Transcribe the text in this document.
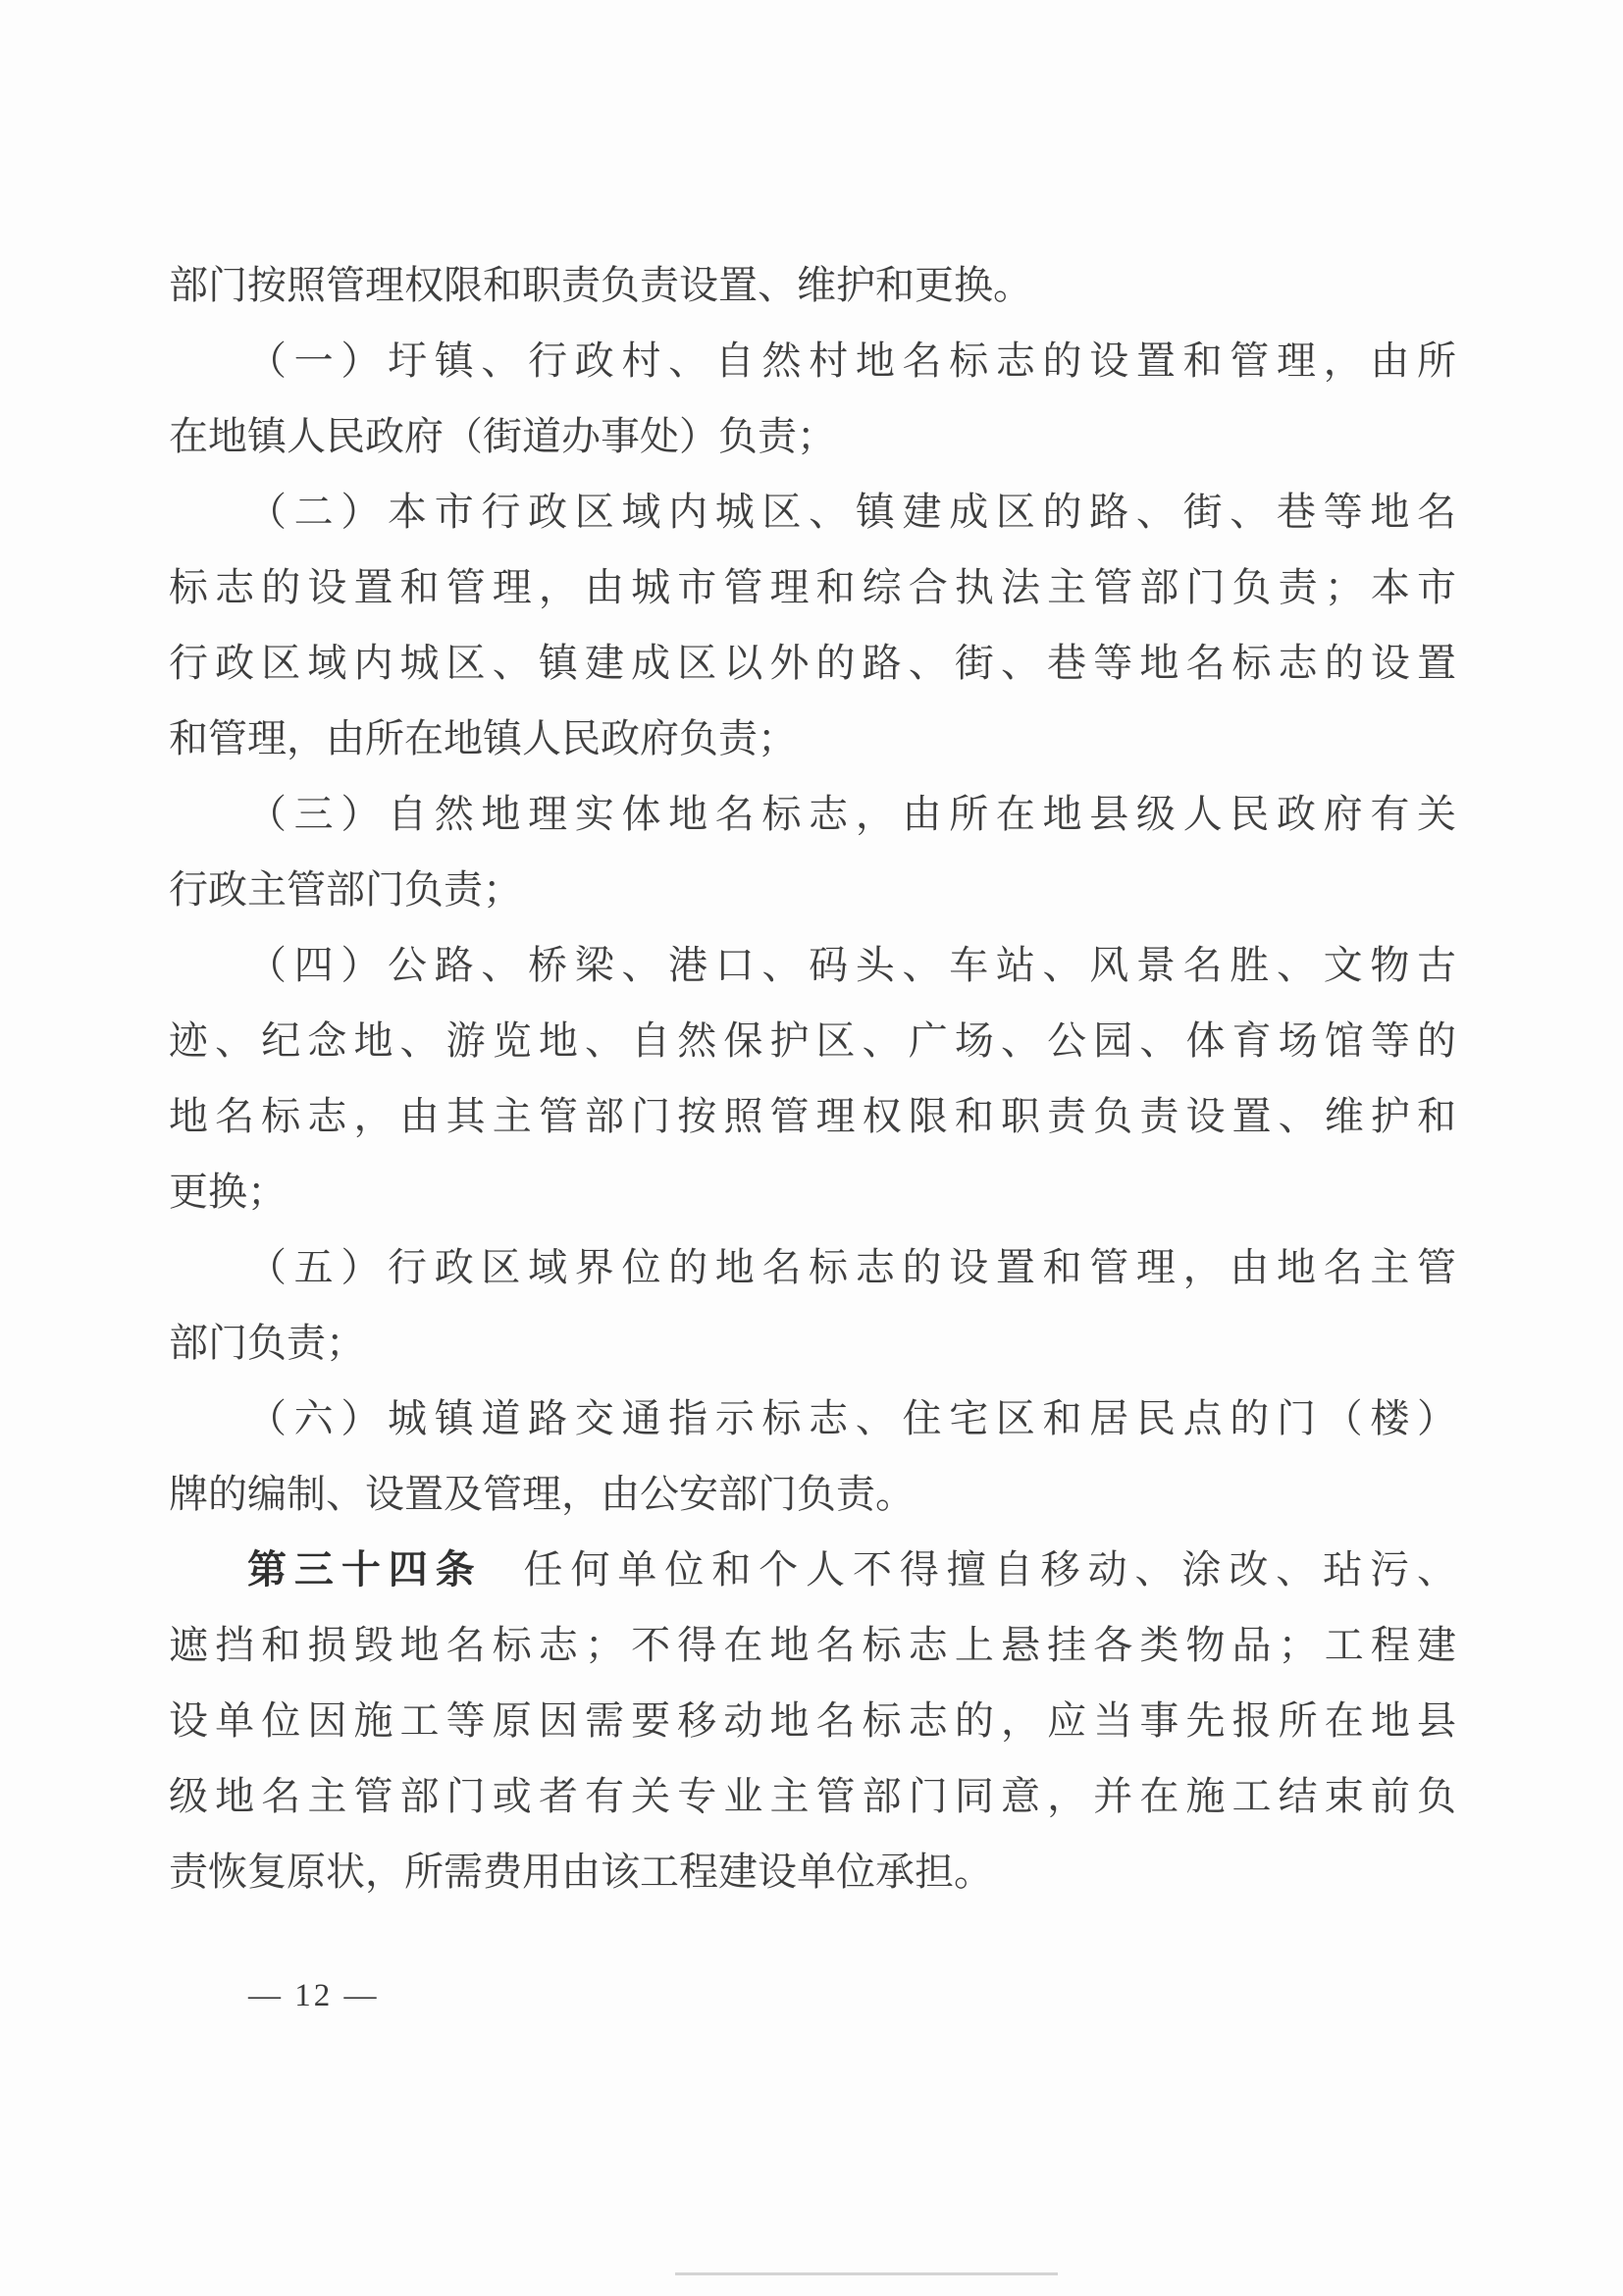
部门按照管理权限和职责负责设置、维护和更换。
（一）圩镇、行政村、自然村地名标志的设置和管理，由所
在地镇人民政府（街道办事处）负责；
（二）本市行政区域内城区、镇建成区的路、街、巷等地名
标志的设置和管理，由城市管理和综合执法主管部门负责；本市
行政区域内城区、镇建成区以外的路、街、巷等地名标志的设置
和管理，由所在地镇人民政府负责；
（三）自然地理实体地名标志，由所在地县级人民政府有关
行政主管部门负责；
（四）公路、桥梁、港口、码头、车站、风景名胜、文物古
迹、纪念地、游览地、自然保护区、广场、公园、体育场馆等的
地名标志，由其主管部门按照管理权限和职责负责设置、维护和
更换；
（五）行政区域界位的地名标志的设置和管理，由地名主管
部门负责；
（六）城镇道路交通指示标志、住宅区和居民点的门（楼）
牌的编制、设置及管理，由公安部门负责。
第三十四条 任何单位和个人不得擅自移动、涂改、玷污、
遮挡和损毁地名标志；不得在地名标志上悬挂各类物品；工程建
设单位因施工等原因需要移动地名标志的，应当事先报所在地县
级地名主管部门或者有关专业主管部门同意，并在施工结束前负
责恢复原状，所需费用由该工程建设单位承担。
— 12 —
